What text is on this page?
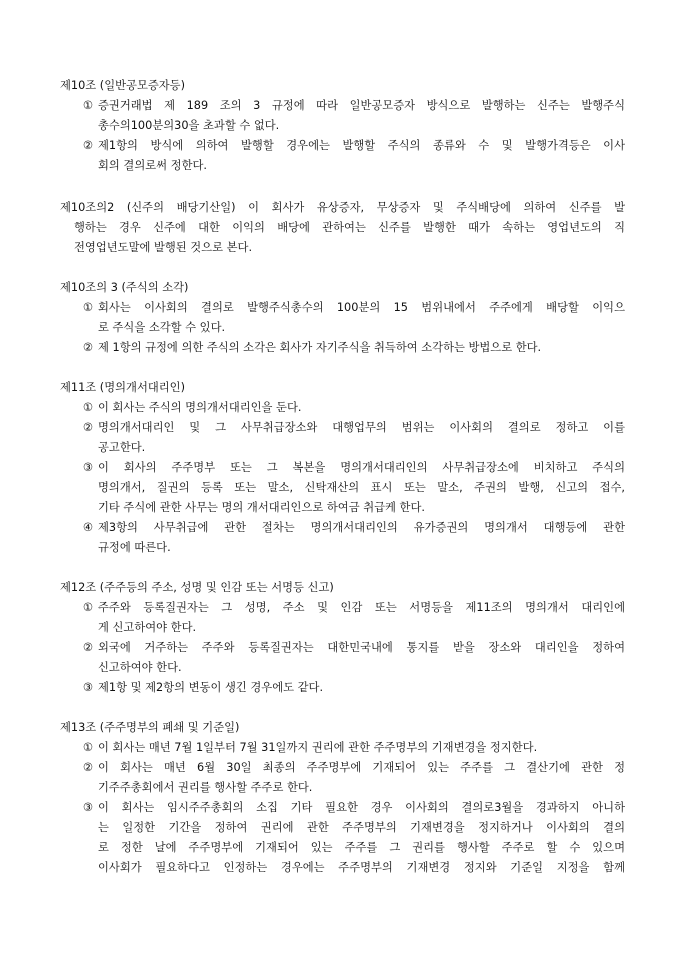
제10조 (일반공모증자등)
① 증권거래법 제 189 조의 3 규정에 따라 일반공모증자 방식으로 발행하는 신주는 발행주식
총수의100분의30을 초과할 수 없다.
② 제1항의 방식에 의하여 발행할 경우에는 발행할 주식의 종류와 수 및 발행가격등은 이사
회의 결의로써 정한다.
제10조의2 (신주의 배당기산일) 이 회사가 유상증자, 무상증자 및 주식배당에 의하여 신주를 발
행하는 경우 신주에 대한 이익의 배당에 관하여는 신주를 발행한 때가 속하는 영업년도의 직
전영업년도말에 발행된 것으로 본다.
제10조의 3 (주식의 소각)
① 회사는 이사회의 결의로 발행주식총수의 100분의 15 범위내에서 주주에게 배당할 이익으
로 주식을 소각할 수 있다.
② 제 1항의 규정에 의한 주식의 소각은 회사가 자기주식을 취득하여 소각하는 방법으로 한다.
제11조 (명의개서대리인)
① 이 회사는 주식의 명의개서대리인을 둔다.
② 명의개서대리인 및 그 사무취급장소와 대행업무의 범위는 이사회의 결의로 정하고 이를
공고한다.
③ 이 회사의 주주명부 또는 그 복본을 명의개서대리인의 사무취급장소에 비치하고 주식의
명의개서, 질권의 등록 또는 말소, 신탁재산의 표시 또는 말소, 주권의 발행, 신고의 접수,
기타 주식에 관한 사무는 명의 개서대리인으로 하여금 취급케 한다.
④ 제3항의 사무취급에 관한 절차는 명의개서대리인의 유가증권의 명의개서 대행등에 관한
규정에 따른다.
제12조 (주주등의 주소, 성명 및 인감 또는 서명등 신고)
① 주주와 등록질권자는 그 성명, 주소 및 인감 또는 서명등을 제11조의 명의개서 대리인에
게 신고하여야 한다.
② 외국에 거주하는 주주와 등록질권자는 대한민국내에 통지를 받을 장소와 대리인을 정하여
신고하여야 한다.
③ 제1항 및 제2항의 변동이 생긴 경우에도 같다.
제13조 (주주명부의 폐쇄 및 기준일)
① 이 회사는 매년 7월 1일부터 7월 31일까지 권리에 관한 주주명부의 기재변경을 정지한다.
② 이 회사는 매년 6월 30일 최종의 주주명부에 기재되어 있는 주주를 그 결산기에 관한 정
기주주총회에서 권리를 행사할 주주로 한다.
③ 이 회사는 임시주주총회의 소집 기타 필요한 경우 이사회의 결의로3월을 경과하지 아니하
는 일정한 기간을 정하여 권리에 관한 주주명부의 기재변경을 정지하거나 이사회의 결의
로 정한 날에 주주명부에 기재되어 있는 주주를 그 권리를 행사할 주주로 할 수 있으며
이사회가 필요하다고 인정하는 경우에는 주주명부의 기재변경 정지와 기준일 지정을 함께
